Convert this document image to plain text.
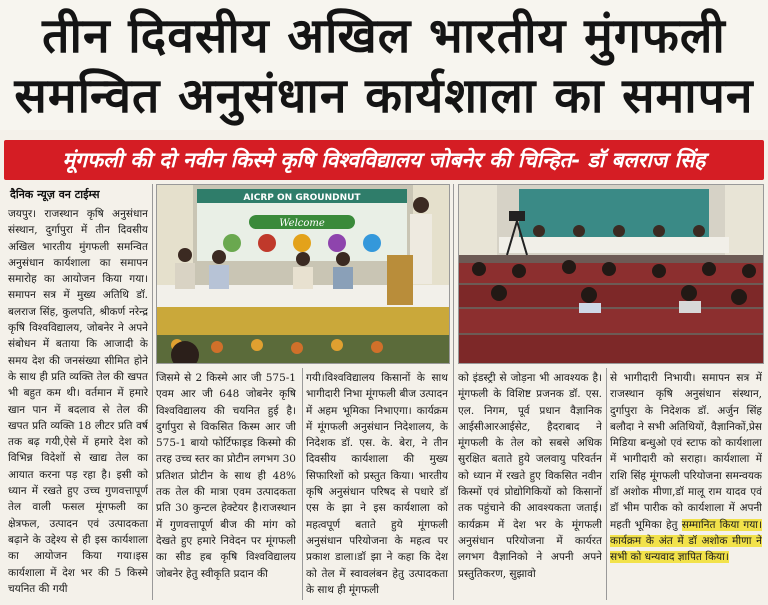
तीन दिवसीय अखिल भारतीय मुंगफली
समन्वित अनुसंधान कार्यशाला का समापन
मूंगफली की दो नवीन किस्मे कृषि विश्वविद्यालय जोबनेर की चिन्हित- डॉ बलराज सिंह
दैनिक न्यूज़ वन टाईम्स
जयपुर। राजस्थान कृषि अनुसंधान संस्थान, दुर्गापुरा में तीन दिवसीय अखिल भारतीय मुंगफली समन्वित अनुसंधान कार्यशाला का समापन समारोह का आयोजन किया गया।समापन सत्र में मुख्य अतिथि डॉ. बलराज सिंह, कुलपति, श्रीकर्ण नरेन्द्र कृषि विश्वविद्यालय, जोबनेर ने अपने संबोधन में बताया कि आजादी के समय देश की जनसंख्या सीमित होने के साथ ही प्रति व्यक्ति तेल की खपत भी बहुत कम थी। वर्तमान में हमारे खान पान में बदलाव से तेल की खपत प्रति व्यक्ति 18 लीटर प्रति वर्ष तक बढ़ गयी,ऐसे में हमारे देश को विभिन्न विदेशों से खाद्य तेल का आयात करना पड़ रहा है। इसी को ध्यान में रखते हुए उच्च गुणवत्तापूर्ण तेल वाली फसल मूंगफली का क्षेत्रफल, उत्पादन एवं उत्पादकता बढ़ाने के उद्देश्य से ही इस कार्यशाला का आयोजन किया गया।इस कार्यशाला में देश भर की 5 किस्मे चयनित की गयी
AICRP ON GROUNDNUT
Welcome
जिसमे से 2 किस्मे आर जी 575-1 एवम आर जी 648 जोबनेर कृषि विश्वविद्यालय की चयनित हुई है। दुर्गापुरा से विकसित किस्म आर जी 575-1 बायो फोर्टिफाइड किस्मो की तरह उच्च स्तर का प्रोटीन लगभग 30 प्रतिशत प्रोटीन के साथ ही 48% तक तेल की मात्रा एवम उत्पादकता प्रति 30 कुन्टल हेक्टेयर है।राजस्थान में गुणवत्तापूर्ण बीज की मांग को देखते हुए हमारे निवेदन पर मूंगफली का सीड हब कृषि विश्वविद्यालय जोबनेर हेतु स्वीकृति प्रदान की
गयी।विश्वविद्यालय किसानों के साथ भागीदारी निभा मूंगफली बीज उत्पादन में अहम भूमिका निभाएगा। कार्यक्रम में मूंगफली अनुसंधान निदेशालय, के निदेशक डॉ. एस. के. बेरा, ने तीन दिवसीय कार्यशाला की मुख्य सिफारिशों को प्रस्तुत किया। भारतीय कृषि अनुसंधान परिषद से पधारे डॉ एस के झा ने इस कार्यशाला को महत्वपूर्ण बताते हुये मूंगफली अनुसंधान परियोजना के महत्व पर प्रकाश डाला।डॉ झा ने कहा कि देश को तेल में स्वावलंबन हेतु उत्पादकता के साथ ही मूंगफली
को इंडस्ट्री से जोड़ना भी आवश्यक है।मूंगफली के विशिष्ट प्रजनक डॉ. एस. एल. निगम, पूर्व प्रधान वैज्ञानिक आईसीआरआईसेट, हैदराबाद ने मूंगफली के तेल को सबसे अधिक सुरक्षित बताते हुये जलवायु परिवर्तन को ध्यान में रखते हुए विकसित नवीन किस्मों एवं प्रोद्योगिकियों को किसानों तक पहुंचाने की आवश्यकता जताई। कार्यक्रम में देश भर के मूंगफली अनुसंधान परियोजना में कार्यरत लगभग वैज्ञानिको ने अपनी अपने प्रस्तुतिकरण, सुझावो
से भागीदारी निभायी। समापन सत्र में राजस्थान कृषि अनुसंधान संस्थान, दुर्गापुरा के निदेशक डॉ. अर्जुन सिंह बलौदा ने सभी अतिथियों, वैज्ञानिकों,प्रेस मिडिया बन्धुओ एवं स्टाफ को कार्यशाला में भागीदारी को सराहा। कार्यशाला में राशि सिंह मूंगफली परियोजना समन्वयक डॉ अशोक मीणा,डॉ मालू राम यादव एवं डॉ भीम पारीक को कार्यशाला में अपनी महती भूमिका हेतु सम्मानित किया गया।कार्यक्रम के अंत में डॉ अशोक मीणा ने सभी को धन्यवाद ज्ञापित किया।
